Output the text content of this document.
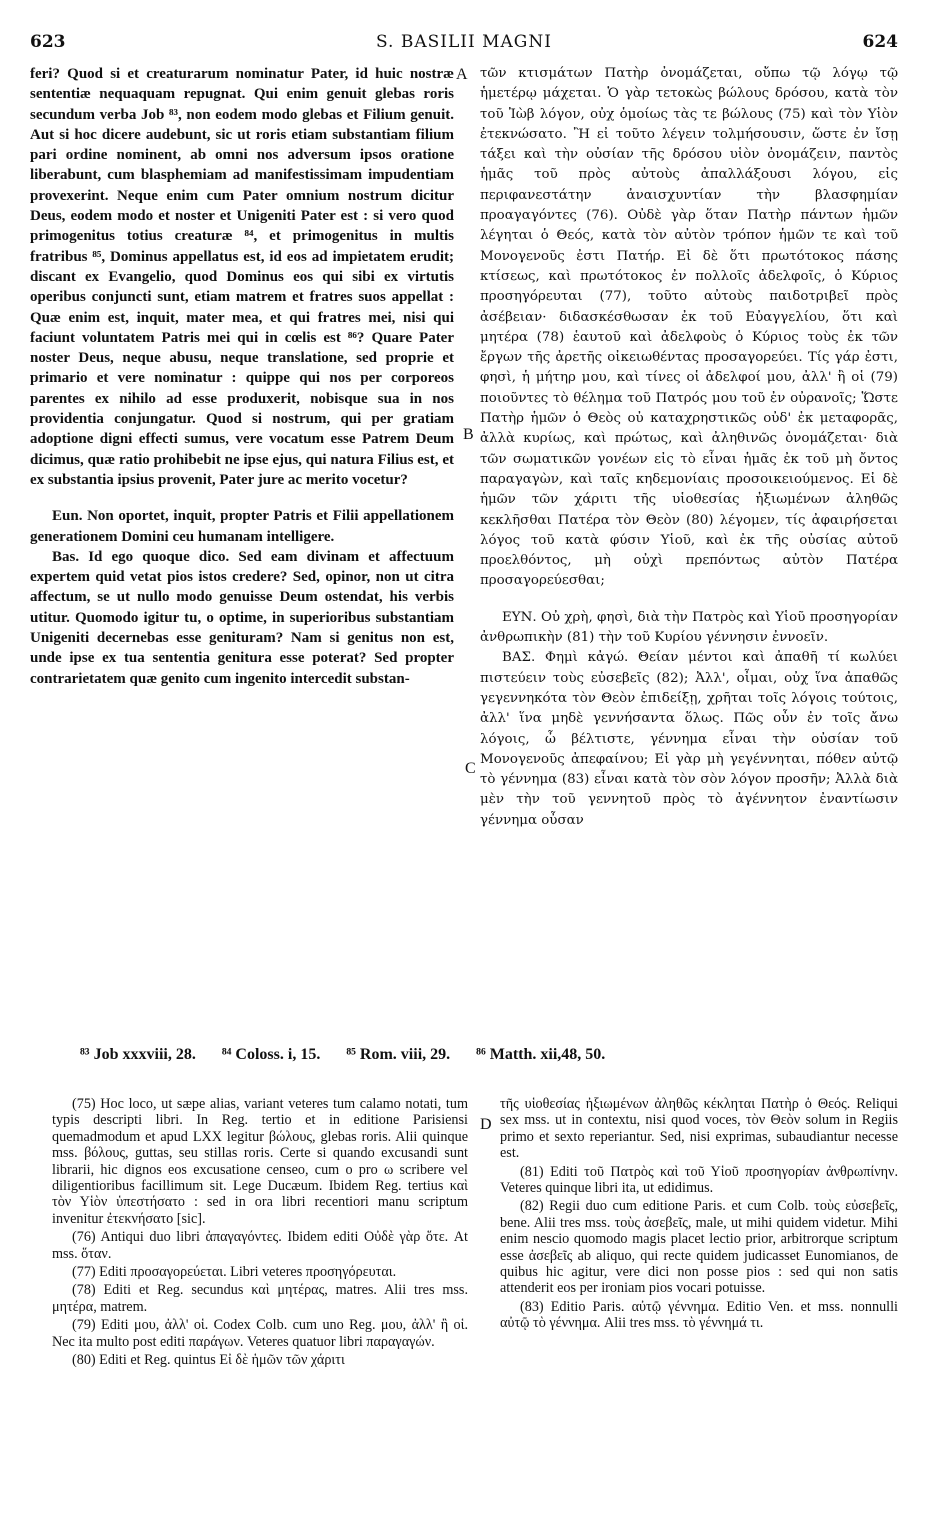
623	S. BASILII MAGNI	624

feri? Quod si et creaturarum nominatur Pater, id huic nostræ sententiæ nequaquam repugnat. Qui enim genuit glebas roris secundum verba Job ⁸³, non eodem modo glebas et Filium genuit. Aut si hoc dicere audebunt, sic ut roris etiam substantiam filium pari ordine nominent, ab omni nos adversum ipsos oratione liberabunt, cum blasphemiam ad manifestissimam impudentiam provexerint. Neque enim cum Pater omnium nostrum dicitur Deus, eodem modo et noster et Unigeniti Pater est : si vero quod primogenitus totius creaturæ ⁸⁴, et primogenitus in multis fratribus ⁸⁵, Dominus appellatus est, id eos ad impietatem erudit; discant ex Evangelio, quod Dominus eos qui sibi ex virtutis operibus conjuncti sunt, etiam matrem et fratres suos appellat : Quæ enim est, inquit, mater mea, et qui fratres mei, nisi qui faciunt voluntatem Patris mei qui in cœlis est ⁸⁶? Quare Pater noster Deus, neque abusu, neque translatione, sed proprie et primario et vere nominatur : quippe qui nos per corporeos parentes ex nihilo ad esse produxerit, nobisque sua in nos providentia conjungatur. Quod si nostrum, qui per gratiam adoptione digni effecti sumus, vere vocatum esse Patrem Deum dicimus, quæ ratio prohibebit ne ipse ejus, qui natura Filius est, et ex substantia ipsius provenit, Pater jure ac merito vocetur?

Eun. Non oportet, inquit, propter Patris et Filii appellationem generationem Domini ceu humanam intelligere.

Bas. Id ego quoque dico. Sed eam divinam et affectuum expertem quid vetat pios istos credere? Sed, opinor, non ut citra affectum, se ut nullo modo genuisse Deum ostendat, his verbis utitur. Quomodo igitur tu, o optime, in superioribus substantiam Unigeniti decernebas esse genituram? Nam si genitus non est, unde ipse ex tua sententia genitura esse poterat? Sed propter contrarietatem quæ genito cum ingenito intercedit substan-

A
B
C
D

τῶν κτισμάτων Πατὴρ ὀνομάζεται, οὔπω τῷ λόγῳ τῷ ἡμετέρῳ μάχεται. Ὁ γὰρ τετοκὼς βώλους δρόσου, κατὰ τὸν τοῦ Ἰὼβ λόγον, οὐχ ὁμοίως τὰς τε βώλους (75) καὶ τὸν Υἱὸν ἐτεκνώσατο. Ἢ εἰ τοῦτο λέγειν τολμήσουσιν, ὥστε ἐν ἴσῃ τάξει καὶ τὴν οὐσίαν τῆς δρόσου υἱὸν ὀνομάζειν, παντὸς ἡμᾶς τοῦ πρὸς αὐτοὺς ἀπαλλάξουσι λόγου, εἰς περιφανεστάτην ἀναισχυντίαν τὴν βλασφημίαν προαγαγόντες (76). Οὐδὲ γὰρ ὅταν Πατὴρ πάντων ἡμῶν λέγηται ὁ Θεός, κατὰ τὸν αὐτὸν τρόπον ἡμῶν τε καὶ τοῦ Μονογενοῦς ἐστι Πατήρ. Εἰ δὲ ὅτι πρωτότοκος πάσης κτίσεως, καὶ πρωτότοκος ἐν πολλοῖς ἀδελφοῖς, ὁ Κύριος προσηγόρευται (77), τοῦτο αὐτοὺς παιδοτριβεῖ πρὸς ἀσέβειαν· διδασκέσθωσαν ἐκ τοῦ Εὐαγγελίου, ὅτι καὶ μητέρα (78) ἑαυτοῦ καὶ ἀδελφοὺς ὁ Κύριος τοὺς ἐκ τῶν ἔργων τῆς ἀρετῆς οἰκειωθέντας προσαγορεύει. Τίς γάρ ἐστι, φησὶ, ἡ μήτηρ μου, καὶ τίνες οἱ ἀδελφοί μου, ἀλλ' ἢ οἱ (79) ποιοῦντες τὸ θέλημα τοῦ Πατρός μου τοῦ ἐν οὐρανοῖς; Ὥστε Πατὴρ ἡμῶν ὁ Θεὸς οὐ καταχρηστικῶς οὐδ' ἐκ μεταφορᾶς, ἀλλὰ κυρίως, καὶ πρώτως, καὶ ἀληθινῶς ὀνομάζεται· διὰ τῶν σωματικῶν γονέων εἰς τὸ εἶναι ἡμᾶς ἐκ τοῦ μὴ ὄντος παραγαγὼν, καὶ ταῖς κηδεμονίαις προσοικειούμενος. Εἰ δὲ ἡμῶν τῶν χάριτι τῆς υἱοθεσίας ἠξιωμένων ἀληθῶς κεκλῆσθαι Πατέρα τὸν Θεὸν (80) λέγομεν, τίς ἀφαιρήσεται λόγος τοῦ κατὰ φύσιν Υἱοῦ, καὶ ἐκ τῆς οὐσίας αὐτοῦ προελθόντος, μὴ οὐχὶ πρεπόντως αὐτὸν Πατέρα προσαγορεύεσθαι;

ΕΥΝ. Οὐ χρὴ, φησὶ, διὰ τὴν Πατρὸς καὶ Υἱοῦ προσηγορίαν ἀνθρωπικὴν (81) τὴν τοῦ Κυρίου γέννησιν ἐννοεῖν.

ΒΑΣ. Φημὶ κἀγώ. Θείαν μέντοι καὶ ἀπαθῆ τί κωλύει πιστεύειν τοὺς εὐσεβεῖς (82); Ἀλλ', οἶμαι, οὐχ ἵνα ἀπαθῶς γεγεννηκότα τὸν Θεὸν ἐπιδείξῃ, χρῆται τοῖς λόγοις τούτοις, ἀλλ' ἵνα μηδὲ γεννήσαντα ὅλως. Πῶς οὖν ἐν τοῖς ἄνω λόγοις, ὦ βέλτιστε, γέννημα εἶναι τὴν οὐσίαν τοῦ Μονογενοῦς ἀπεφαίνου; Εἰ γὰρ μὴ γεγέννηται, πόθεν αὐτῷ τὸ γέννημα (83) εἶναι κατὰ τὸν σὸν λόγον προσῆν; Ἀλλὰ διὰ μὲν τὴν τοῦ γεννητοῦ πρὸς τὸ ἀγέννητον ἐναντίωσιν γέννημα οὖσαν

⁸³ Job xxxviii, 28. ⁸⁴ Coloss. i, 15. ⁸⁵ Rom. viii, 29. ⁸⁶ Matth. xii,48, 50.

(75) Hoc loco, ut sæpe alias, variant veteres tum calamo notati, tum typis descripti libri. In Reg. tertio et in editione Parisiensi quemadmodum et apud LXX legitur βώλους, glebas roris. Alii quinque mss. βόλους, guttas, seu stillas roris. Certe si quando excusandi sunt librarii, hic dignos eos excusatione censeo, cum o pro ω scribere vel diligentioribus facillimum sit. Lege Ducæum. Ibidem Reg. tertius καὶ τὸν Υἱὸν ὑπεστήσατο : sed in ora libri recentiori manu scriptum invenitur ἐτεκνήσατο [sic].

(76) Antiqui duo libri ἀπαγαγόντες. Ibidem editi Οὐδὲ γὰρ ὅτε. At mss. ὅταν.

(77) Editi προσαγορεύεται. Libri veteres προσηγόρευται.

(78) Editi et Reg. secundus καὶ μητέρας, matres. Alii tres mss. μητέρα, matrem.

(79) Editi μου, ἀλλ' οἱ. Codex Colb. cum uno Reg. μου, ἀλλ' ἢ οἱ. Nec ita multo post editi παράγων. Veteres quatuor libri παραγαγών.

(80) Editi et Reg. quintus Εἰ δὲ ἡμῶν τῶν χάριτι

τῆς υἱοθεσίας ἠξιωμένων ἀληθῶς κέκληται Πατὴρ ὁ Θεός. Reliqui sex mss. ut in contextu, nisi quod voces, τὸν Θεὸν solum in Regiis primo et sexto reperiantur. Sed, nisi exprimas, subaudiantur necesse est.

(81) Editi τοῦ Πατρὸς καὶ τοῦ Υἱοῦ προσηγορίαν ἀνθρωπίνην. Veteres quinque libri ita, ut edidimus.

(82) Regii duo cum editione Paris. et cum Colb. τοὺς εὐσεβεῖς, bene. Alii tres mss. τοὺς ἀσεβεῖς, male, ut mihi quidem videtur. Mihi enim nescio quomodo magis placet lectio prior, arbitrorque scriptum esse ἀσεβεῖς ab aliquo, qui recte quidem judicasset Eunomianos, de quibus hic agitur, vere dici non posse pios : sed qui non satis attenderit eos per ironiam pios vocari potuisse.

(83) Editio Paris. αὐτῷ γέννημα. Editio Ven. et mss. nonnulli αὐτῷ τὸ γέννημα. Alii tres mss. τὸ γέννημά τι.
